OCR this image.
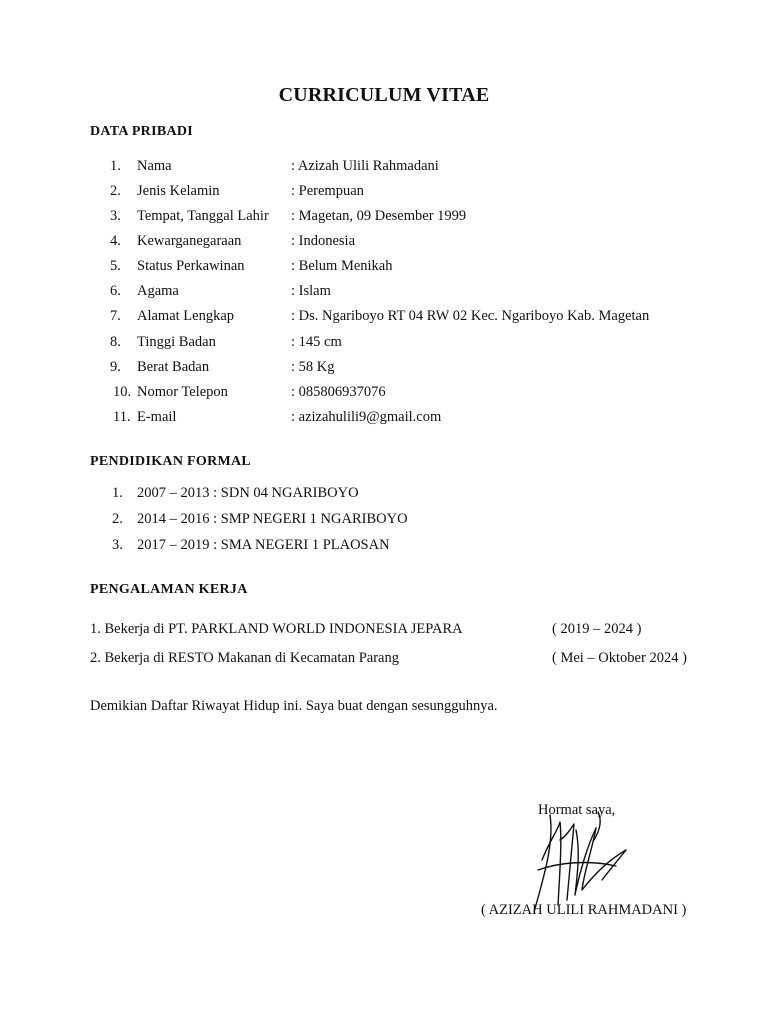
CURRICULUM VITAE
DATA PRIBADI
1. Nama	: Azizah Ulili Rahmadani
2. Jenis Kelamin	: Perempuan
3. Tempat, Tanggal Lahir : Magetan, 09 Desember 1999
4. Kewarganegaraan	: Indonesia
5. Status Perkawinan	: Belum Menikah
6. Agama	: Islam
7. Alamat Lengkap	: Ds. Ngariboyo RT 04 RW 02 Kec. Ngariboyo Kab. Magetan
8. Tinggi Badan	: 145 cm
9. Berat Badan	: 58 Kg
10. Nomor Telepon	: 085806937076
11. E-mail	: azizahulili9@gmail.com
PENDIDIKAN FORMAL
1. 2007 – 2013 : SDN 04 NGARIBOYO
2. 2014 – 2016 : SMP NEGERI 1 NGARIBOYO
3. 2017 – 2019 : SMA NEGERI 1 PLAOSAN
PENGALAMAN KERJA
1. Bekerja di PT. PARKLAND WORLD INDONESIA JEPARA	( 2019 – 2024 )
2. Bekerja di RESTO Makanan di Kecamatan Parang	( Mei – Oktober 2024 )
Demikian Daftar Riwayat Hidup ini. Saya buat dengan sesungguhnya.
Hormat saya,
( AZIZAH ULILI RAHMADANI )
